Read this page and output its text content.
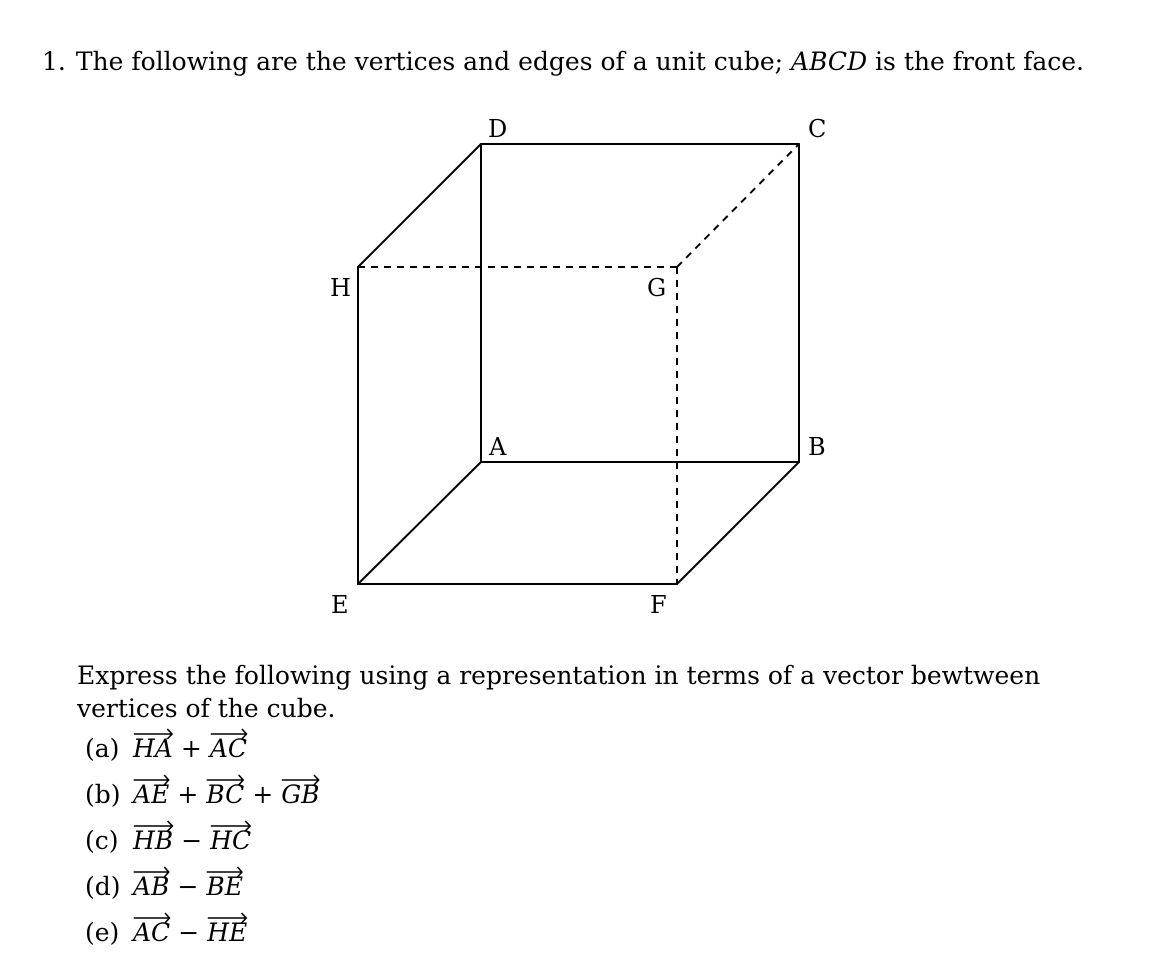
1. The following are the vertices and edges of a unit cube; ABCD is the front face.
D	C
H	G
A	B
E	F
Express the following using a representation in terms of a vector bewtween vertices of the cube.
(a) HA + AC
(b) AE + BC + GB
(c) HB − HC
(d) AB − BE
(e) AC − HE
